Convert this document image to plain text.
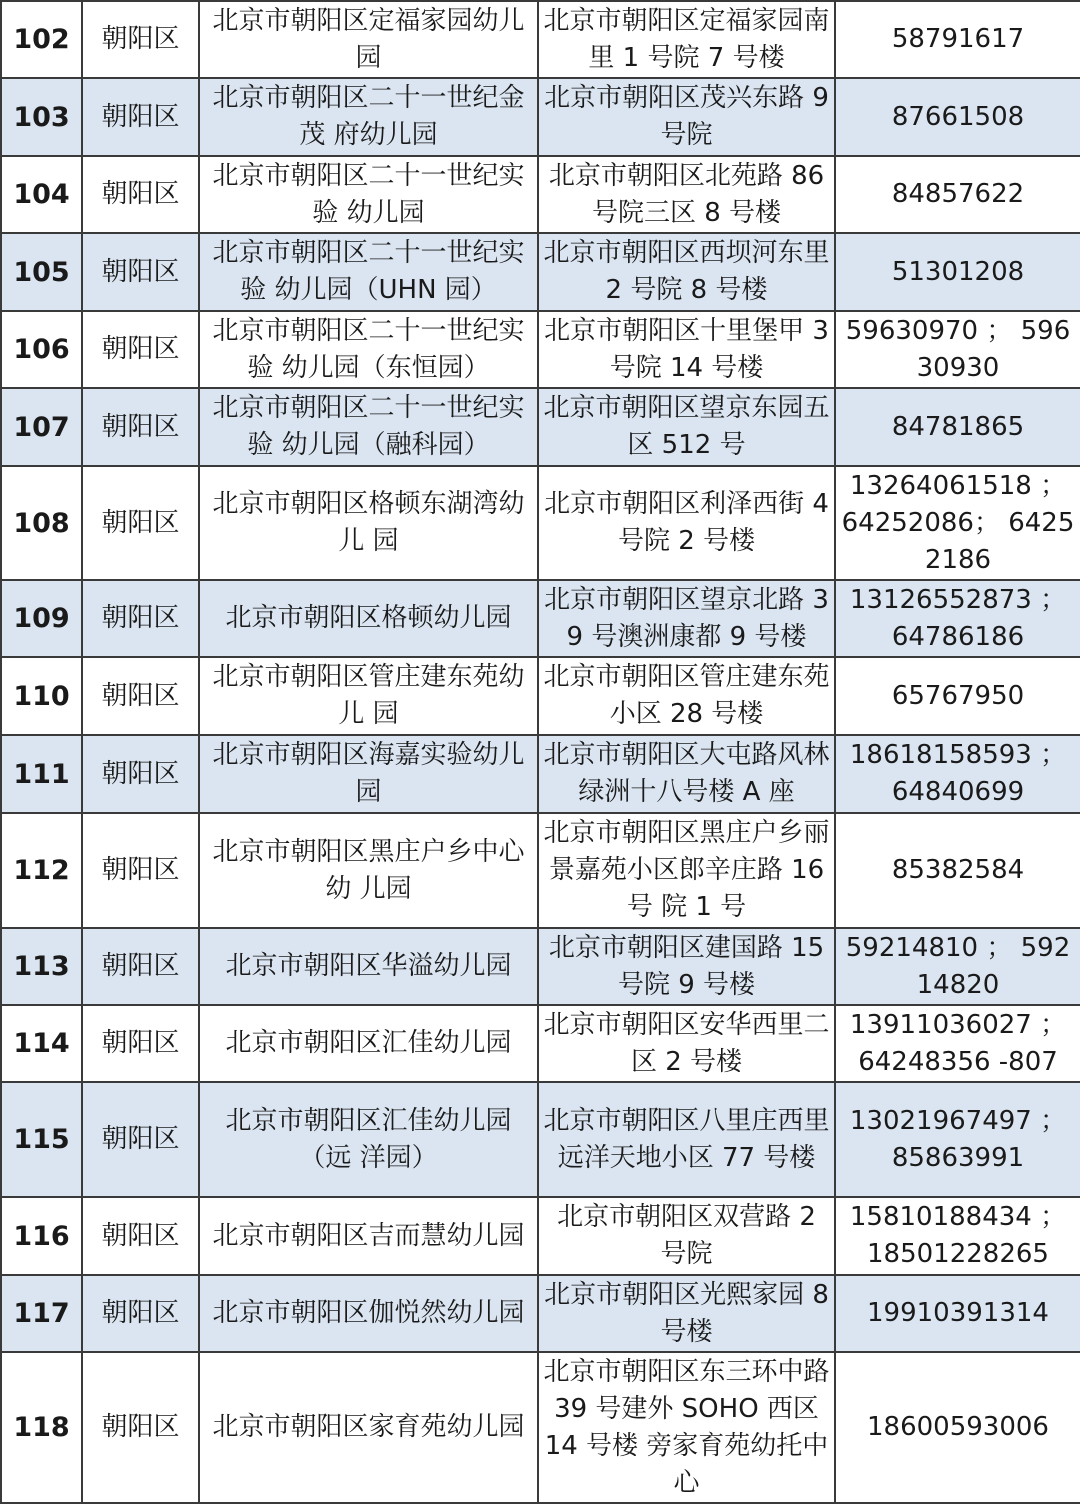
102	朝阳区	北京市朝阳区定福家园幼儿园	北京市朝阳区定福家园南里 1 号院 7 号楼	58791617
103	朝阳区	北京市朝阳区二十一世纪金茂 府幼儿园	北京市朝阳区茂兴东路 9 号院	87661508
104	朝阳区	北京市朝阳区二十一世纪实验 幼儿园	北京市朝阳区北苑路 86 号院三区 8 号楼	84857622
105	朝阳区	北京市朝阳区二十一世纪实验 幼儿园（UHN 园）	北京市朝阳区西坝河东里 2 号院 8 号楼	51301208
106	朝阳区	北京市朝阳区二十一世纪实验 幼儿园（东恒园）	北京市朝阳区十里堡甲 3 号院 14 号楼	59630970 ； 59630930
107	朝阳区	北京市朝阳区二十一世纪实验 幼儿园（融科园）	北京市朝阳区望京东园五区 512 号	84781865
108	朝阳区	北京市朝阳区格顿东湖湾幼儿 园	北京市朝阳区利泽西街 4 号院 2 号楼	13264061518 ； 64252086； 64252186
109	朝阳区	北京市朝阳区格顿幼儿园	北京市朝阳区望京北路 39 号澳洲康都 9 号楼	13126552873 ； 64786186
110	朝阳区	北京市朝阳区管庄建东苑幼儿 园	北京市朝阳区管庄建东苑小区 28 号楼	65767950
111	朝阳区	北京市朝阳区海嘉实验幼儿园	北京市朝阳区大屯路风林绿洲十八号楼 A 座	18618158593 ； 64840699
112	朝阳区	北京市朝阳区黑庄户乡中心幼 儿园	北京市朝阳区黑庄户乡丽景嘉苑小区郎辛庄路 16 号 院 1 号	85382584
113	朝阳区	北京市朝阳区华溢幼儿园	北京市朝阳区建国路 15 号院 9 号楼	59214810 ； 59214820
114	朝阳区	北京市朝阳区汇佳幼儿园	北京市朝阳区安华西里二区 2 号楼	13911036027 ； 64248356 -807
115	朝阳区	北京市朝阳区汇佳幼儿园（远 洋园）	北京市朝阳区八里庄西里远洋天地小区 77 号楼	13021967497 ； 85863991
116	朝阳区	北京市朝阳区吉而慧幼儿园	北京市朝阳区双营路 2 号院	15810188434 ； 18501228265
117	朝阳区	北京市朝阳区伽悦然幼儿园	北京市朝阳区光熙家园 8 号楼	19910391314
118	朝阳区	北京市朝阳区家育苑幼儿园	北京市朝阳区东三环中路 39 号建外 SOHO 西区 14 号楼 旁家育苑幼托中心	18600593006
